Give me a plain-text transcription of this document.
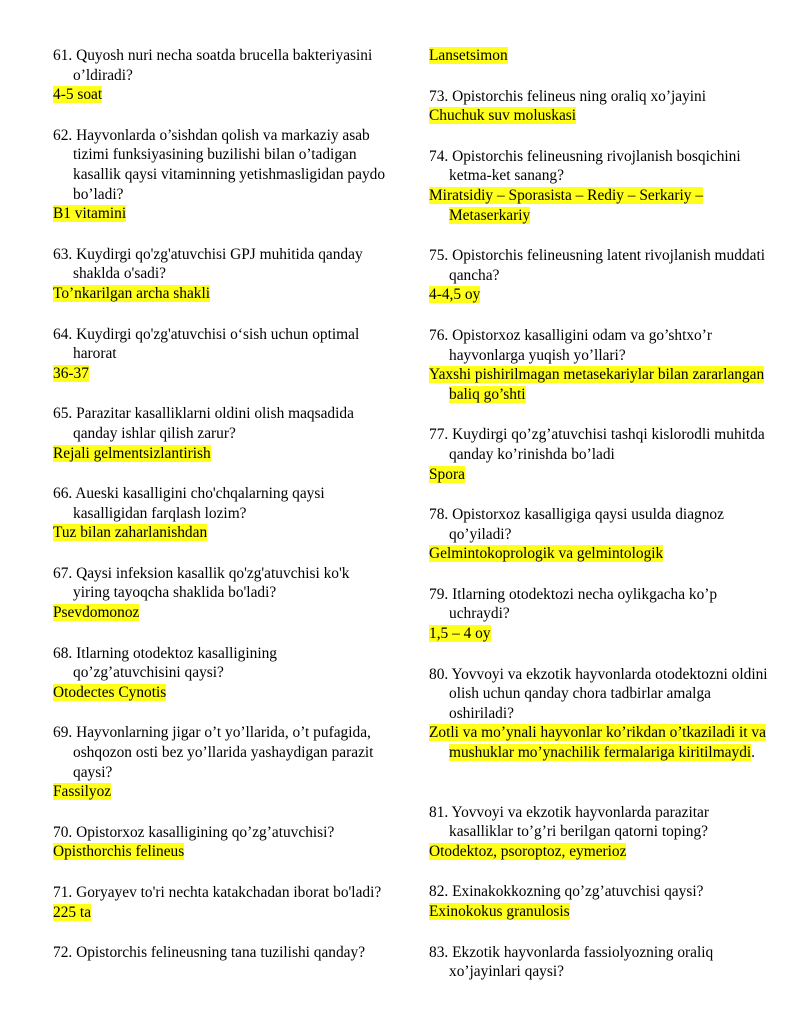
61. Quyosh nuri necha soatda brucella bakteriyasini o’ldiradi?

4-5 soat

62. Hayvonlarda o’sishdan qolish va markaziy asab tizimi funksiyasining buzilishi bilan o’tadigan kasallik qaysi vitaminning yetishmasligidan paydo bo’ladi?

B1 vitamini

63. Kuydirgi qo'zg'atuvchisi GPJ muhitida qanday shaklda o'sadi?

To’nkarilgan archa shakli

64. Kuydirgi qo'zg'atuvchisi o‘sish uchun optimal harorat

36-37

65. Parazitar kasalliklarni oldini olish maqsadida qanday ishlar qilish zarur?

Rejali gelmentsizlantirish

66. Aueski kasalligini cho'chqalarning qaysi kasalligidan farqlash lozim?

Tuz bilan zaharlanishdan

67. Qaysi infeksion kasallik qo'zg'atuvchisi ko'k yiring tayoqcha shaklida bo'ladi?

Psevdomonoz

68. Itlarning otodektoz kasalligining qo’zg’atuvchisini qaysi?

Otodectes Cynotis

69. Hayvonlarning jigar o’t yo’llarida, o’t pufagida, oshqozon osti bez yo’llarida yashaydigan parazit qaysi?

Fassilyoz

70. Opistorxoz kasalligining qo’zg’atuvchisi?

Opisthorchis felineus

71. Goryayev to'ri nechta katakchadan iborat bo'ladi?

225 ta

72. Opistorchis felineusning tana tuzilishi qanday?

Lansetsimon

73. Opistorchis felineus ning oraliq xo’jayini

Chuchuk suv moluskasi

74. Opistorchis felineusning rivojlanish bosqichini ketma-ket sanang?

Miratsidiy – Sporasista – Rediy – Serkariy – Metaserkariy

75. Opistorchis felineusning latent rivojlanish muddati qancha?

4-4,5 oy

76. Opistorxoz kasalligini odam va go’shtxo’r hayvonlarga yuqish yo’llari?

Yaxshi pishirilmagan metasekariylar bilan zararlangan baliq go’shti

77. Kuydirgi qo’zg’atuvchisi tashqi kislorodli muhitda qanday ko’rinishda bo’ladi

Spora

78. Opistorxoz kasalligiga qaysi usulda diagnoz qo’yiladi?

Gelmintokoprologik va gelmintologik

79. Itlarning otodektozi necha oylikgacha ko’p uchraydi?

1,5 – 4 oy

80. Yovvoyi va ekzotik hayvonlarda otodektozni oldini olish uchun qanday chora tadbirlar amalga oshiriladi?

Zotli va mo’ynali hayvonlar ko’rikdan o’tkaziladi it va mushuklar mo’ynachilik fermalariga kiritilmaydi.

81. Yovvoyi va ekzotik hayvonlarda parazitar kasalliklar to’g’ri berilgan qatorni toping?

Otodektoz, psoroptoz, eymerioz

82. Exinakokkozning qo’zg’atuvchisi qaysi?

Exinokokus granulosis

83. Ekzotik hayvonlarda fassiolyozning oraliq xo’jayinlari qaysi?
